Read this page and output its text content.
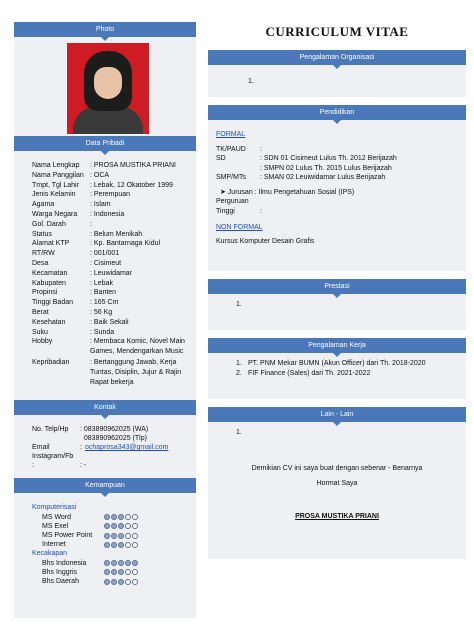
Photo
Data Pribadi
Nama Lengkap	: PROSA MUSTIKA PRIANI
Nama Panggilan : OCA
Tmpt, Tgl Lahir	: Lebak, 12 Okatober 1999
Jenis Kelamin	: Perempuan
Agama	: Islam
Warga Negara	: Indonesia
Gol. Darah	:
Status	: Belum Menikah
Alamat KTP	: Kp. Bantarnaga Kidul
RT/RW	: 001/001
Desa	: Cisimeut
Kecamatan	: Leuwidamar
Kabupaten	: Lebak
Propinsi	: Banten
Tinggi Badan	: 165 Cm
Berat	: 56 Kg
Kesehatan	: Baik Sekali
Suku	: Sunda
Hobby	: Membaca Komic, Novel Main Games, Mendengarkan Music
Kepribadian	: Bertanggung Jawab, Kerja Tuntas, Disiplin, Jujur & Rajin Rapat bekerja
Kontak
No. Telp/Hp	: 083890962025 (WA)
083890962025 (Tlp)
Email	: ochaprosa343@gmail.com
Instagram/Fb
:	: -
Kemampuan
Komputerisasi
MS Word
MS Exel
MS Power Point
Internet
Kecakapan
Bhs Indonesia
Bhs Inggris
Bhs Daerah
CURRICULUM VITAE
Pengalaman Organisasi
1.
Pendidikan
FORMAL
TK/PAUD	:
SD	: SDN 01 Cisimeut Lulus Th. 2012 Berijazah
: SMPN 02 Lulus Th. 2015 Lulus Berijazah
SMP/MTs	: SMAN 02 Leuiwidamar Lulus Berijazah
➤ Jurusan : Ilmu Pengetahuan Sosial (IPS)
Perguruan
Tinggi	:
NON FORMAL
Kursus Komputer Desain Grafis
Prestasi
1.
Pengalaman Kerja
1. PT. PNM Mekar BUMN (Akun Officer) dari Th. 2018-2020
2. FIF Finance (Sales) dari Th. 2021-2022
Lain - Lain
1.
Demikian CV ini saya buat dengan sebenar - Benarnya
Hormat Saya
PROSA MUSTIKA PRIANI
